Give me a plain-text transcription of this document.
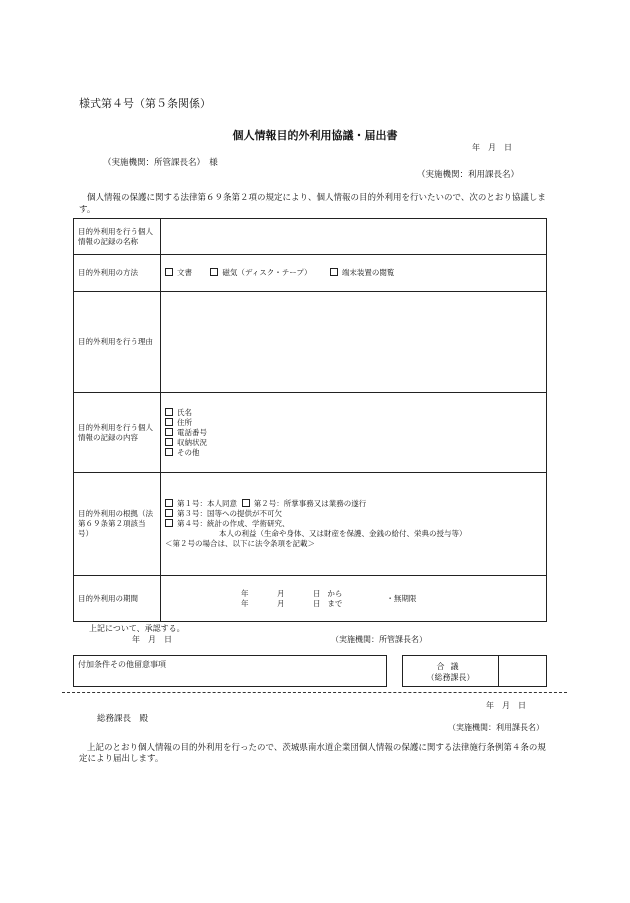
様式第４号（第５条関係）
個人情報目的外利用協議・届出書
年　月　日
（実施機関：所管課長名）　様
（実施機関：利用課長名）
個人情報の保護に関する法律第６９条第２項の規定により、個人情報の目的外利用を行いたいので、次のとおり協議します。
目的外利用を行う個人情報の記録の名称	
目的外利用の方法	文書 磁気（ディスク・テープ） 端末装置の閲覧
目的外利用を行う理由	
目的外利用を行う個人情報の記録の内容	氏名
住所
電話番号
収納状況
その他

目的外利用の根拠（法第６９条第２項該当号）	第１号：本人同意 第２号：所掌事務又は業務の遂行
第３号：国等への提供が不可欠
第４号：統計の作成、学術研究、
本人の利益（生命や身体、又は財産を保護、金銭の給付、栄典の授与等）
＜第２号の場合は、以下に法令条項を記載＞

目的外利用の期間	年 月 日 から
年 月 日 まで
・無期限
上記について、承認する。
年　月　日	（実施機関：所管課長名）
付加条件その他留意事項	合議
（総務課長）
年　月　日
総務課長　殿
（実施機関：利用課長名）
上記のとおり個人情報の目的外利用を行ったので、茨城県南水道企業団個人情報の保護に関する法律施行条例第４条の規定により届出します。
